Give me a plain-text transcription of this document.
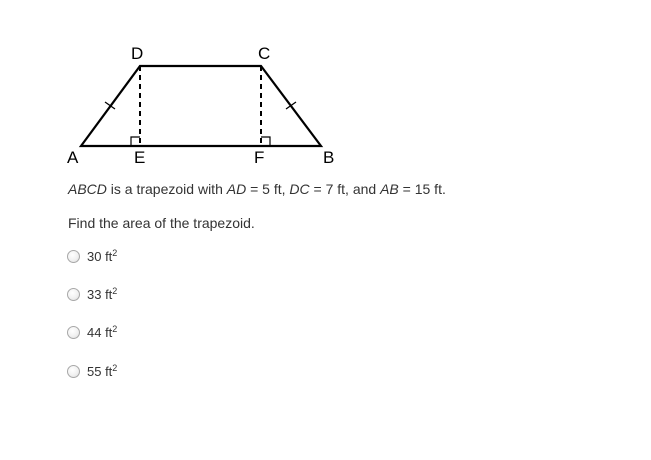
D	C
A	E	F	B
ABCD is a trapezoid with AD = 5 ft, DC = 7 ft, and AB = 15 ft.
Find the area of the trapezoid.
30 $ft^2$
33 $ft^2$
44 $ft^2$
55 $ft^2$
